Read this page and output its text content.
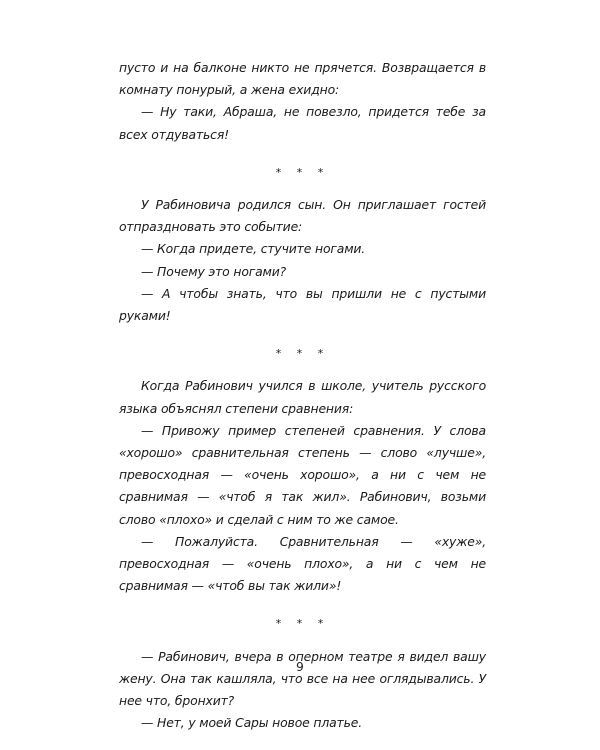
пусто и на балконе никто не прячется. Возвращается в комнату понурый, а жена ехидно:

— Ну таки, Абраша, не повезло, придется тебе за всех отдуваться!

* * *

У Рабиновича родился сын. Он приглашает гостей отпраздновать это событие:

— Когда придете, стучите ногами.

— Почему это ногами?

— А чтобы знать, что вы пришли не с пустыми руками!

* * *

Когда Рабинович учился в школе, учитель русского языка объяснял степени сравнения:

— Привожу пример степеней сравнения. У слова «хорошо» сравнительная степень — слово «лучше», превосходная — «очень хорошо», а ни с чем не сравнимая — «чтоб я так жил». Рабинович, возьми слово «плохо» и сделай с ним то же самое.

— Пожалуйста. Сравнительная — «хуже», превосходная — «очень плохо», а ни с чем не сравнимая — «чтоб вы так жили»!

* * *

— Рабинович, вчера в оперном театре я видел вашу жену. Она так кашляла, что все на нее оглядывались. У нее что, бронхит?

— Нет, у моей Сары новое платье.

9
